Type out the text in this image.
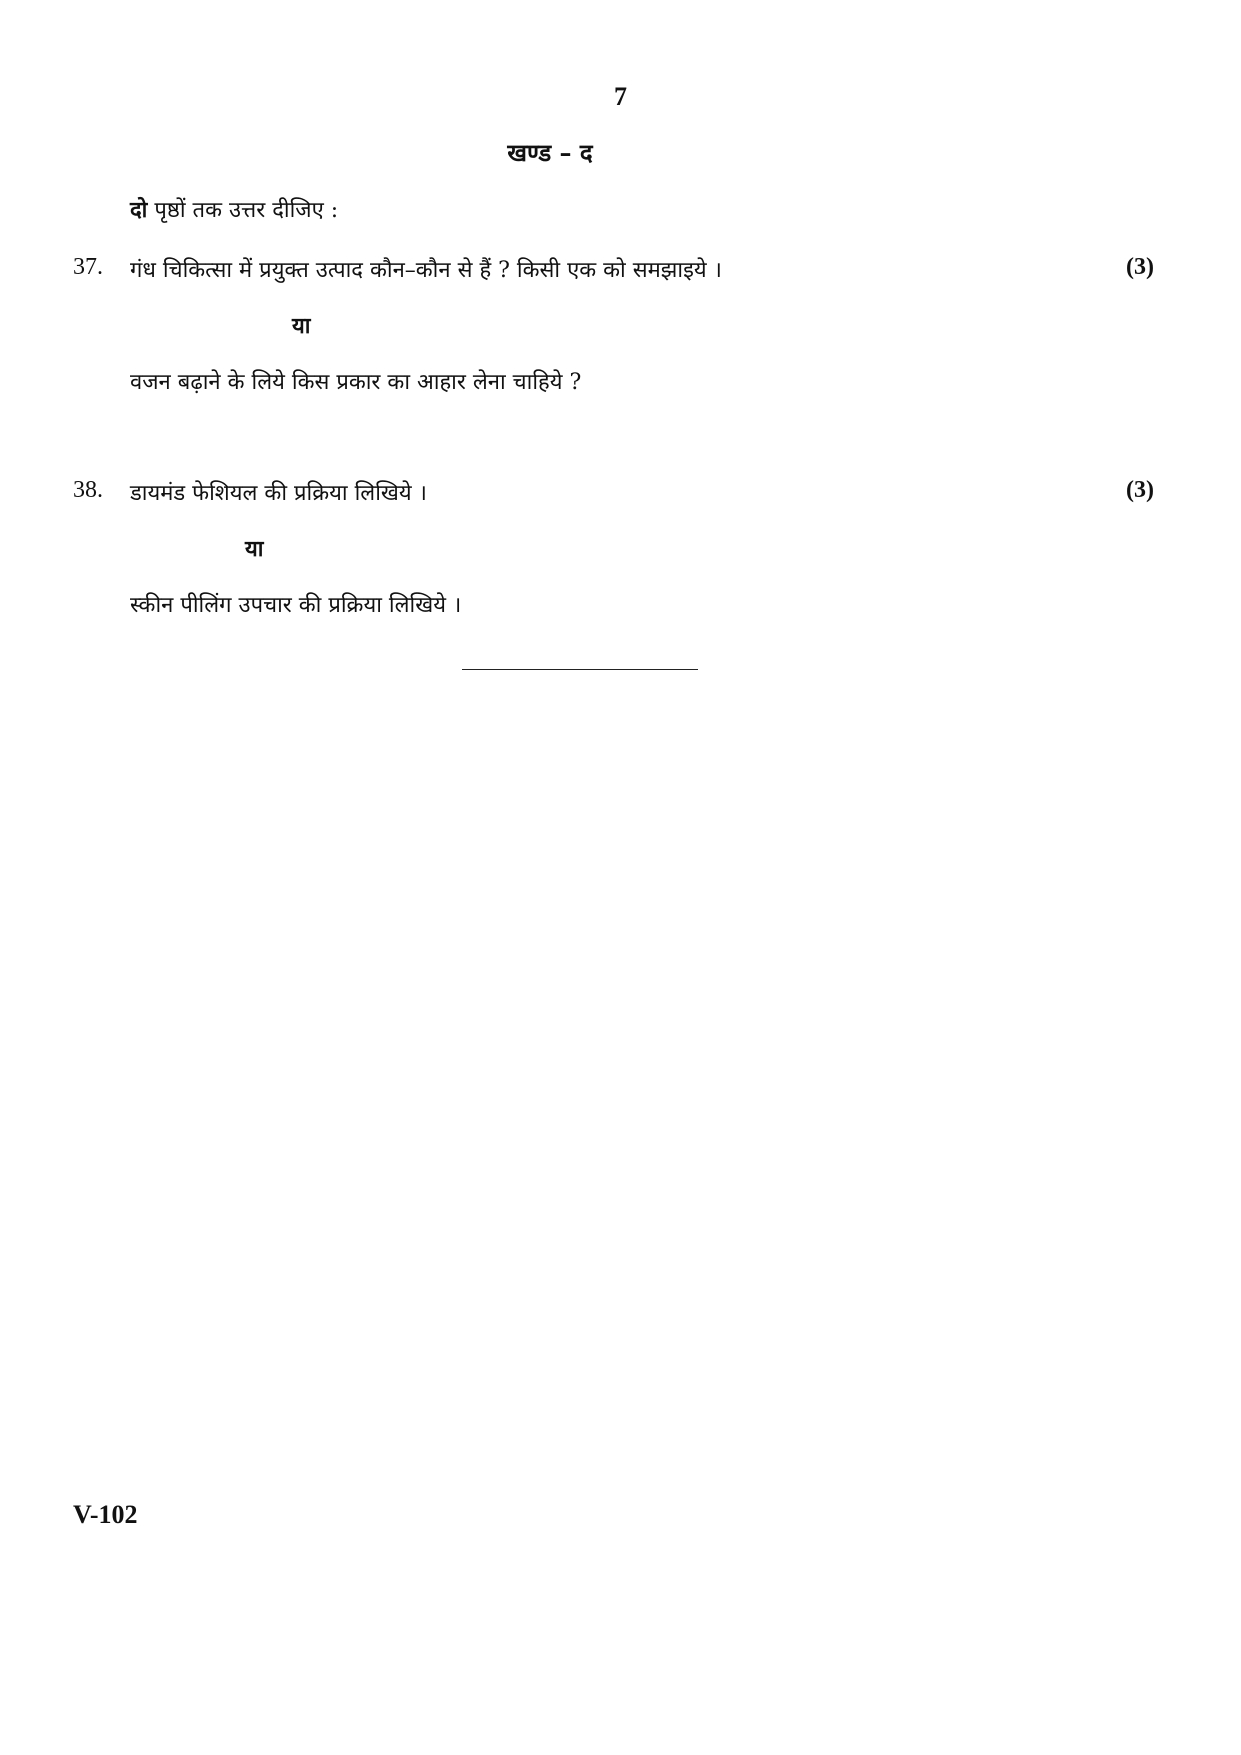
7
खण्ड – द
दो पृष्ठों तक उत्तर दीजिए :
37. गंध चिकित्सा में प्रयुक्त उत्पाद कौन–कौन से हैं ? किसी एक को समझाइये ।	(3)
या
वजन बढ़ाने के लिये किस प्रकार का आहार लेना चाहिये ?
38. डायमंड फेशियल की प्रक्रिया लिखिये ।	(3)
या
स्कीन पीलिंग उपचार की प्रक्रिया लिखिये ।
V-102
